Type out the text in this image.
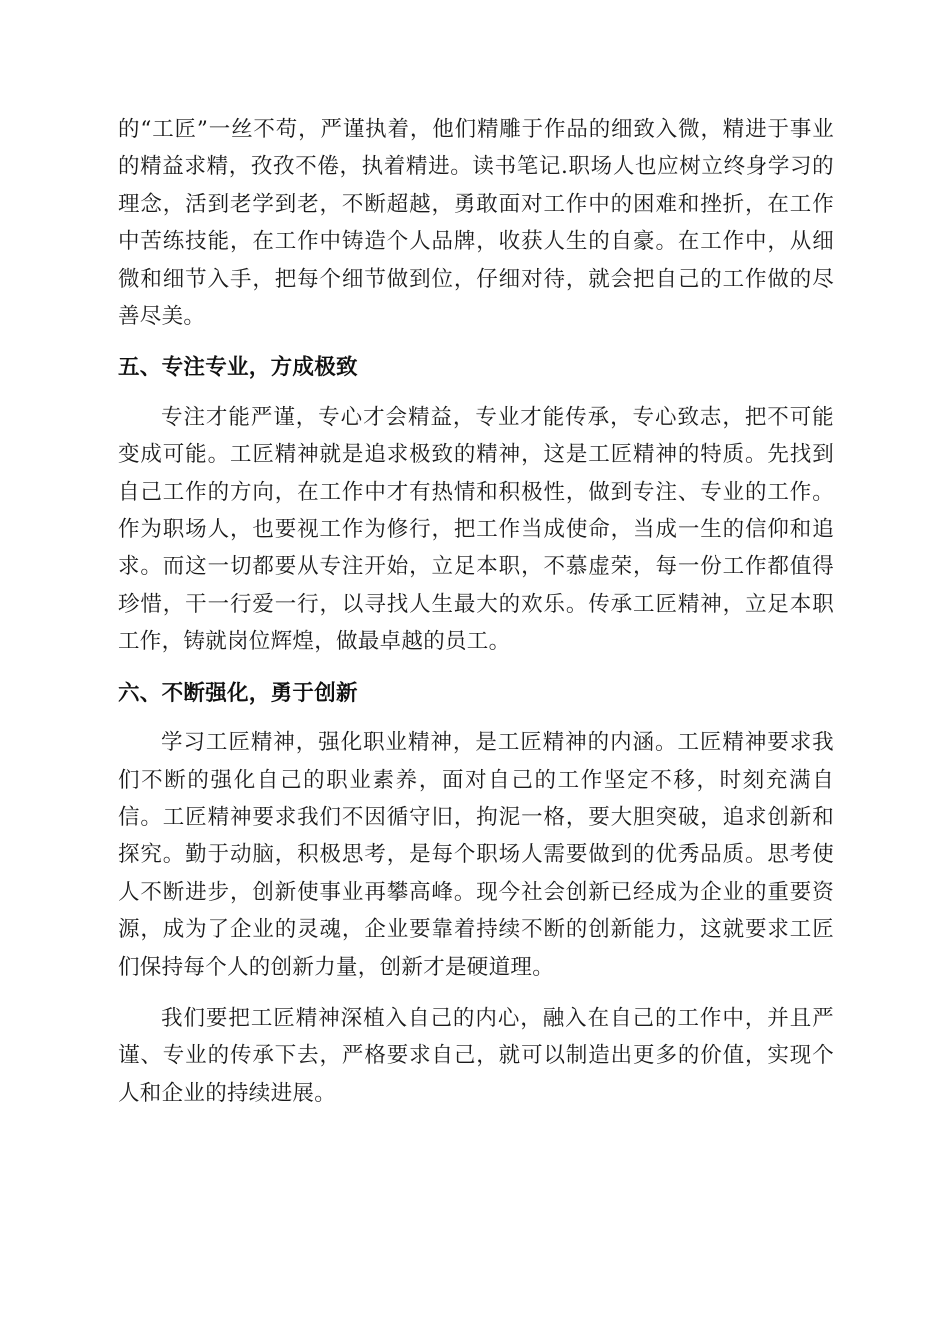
的“工匠”一丝不苟，严谨执着，他们精雕于作品的细致入微，精进于事业的精益求精，孜孜不倦，执着精进。读书笔记.职场人也应树立终身学习的理念，活到老学到老，不断超越，勇敢面对工作中的困难和挫折，在工作中苦练技能，在工作中铸造个人品牌，收获人生的自豪。在工作中，从细微和细节入手，把每个细节做到位，仔细对待，就会把自己的工作做的尽善尽美。

五、专注专业，方成极致

专注才能严谨，专心才会精益，专业才能传承，专心致志，把不可能变成可能。工匠精神就是追求极致的精神，这是工匠精神的特质。先找到自己工作的方向，在工作中才有热情和积极性，做到专注、专业的工作。作为职场人，也要视工作为修行，把工作当成使命，当成一生的信仰和追求。而这一切都要从专注开始，立足本职，不慕虚荣，每一份工作都值得珍惜，干一行爱一行，以寻找人生最大的欢乐。传承工匠精神，立足本职工作，铸就岗位辉煌，做最卓越的员工。

六、不断强化，勇于创新

学习工匠精神，强化职业精神，是工匠精神的内涵。工匠精神要求我们不断的强化自己的职业素养，面对自己的工作坚定不移，时刻充满自信。工匠精神要求我们不因循守旧，拘泥一格，要大胆突破，追求创新和探究。勤于动脑，积极思考，是每个职场人需要做到的优秀品质。思考使人不断进步，创新使事业再攀高峰。现今社会创新已经成为企业的重要资源，成为了企业的灵魂，企业要靠着持续不断的创新能力，这就要求工匠们保持每个人的创新力量，创新才是硬道理。

我们要把工匠精神深植入自己的内心，融入在自己的工作中，并且严谨、专业的传承下去，严格要求自己，就可以制造出更多的价值，实现个人和企业的持续进展。
